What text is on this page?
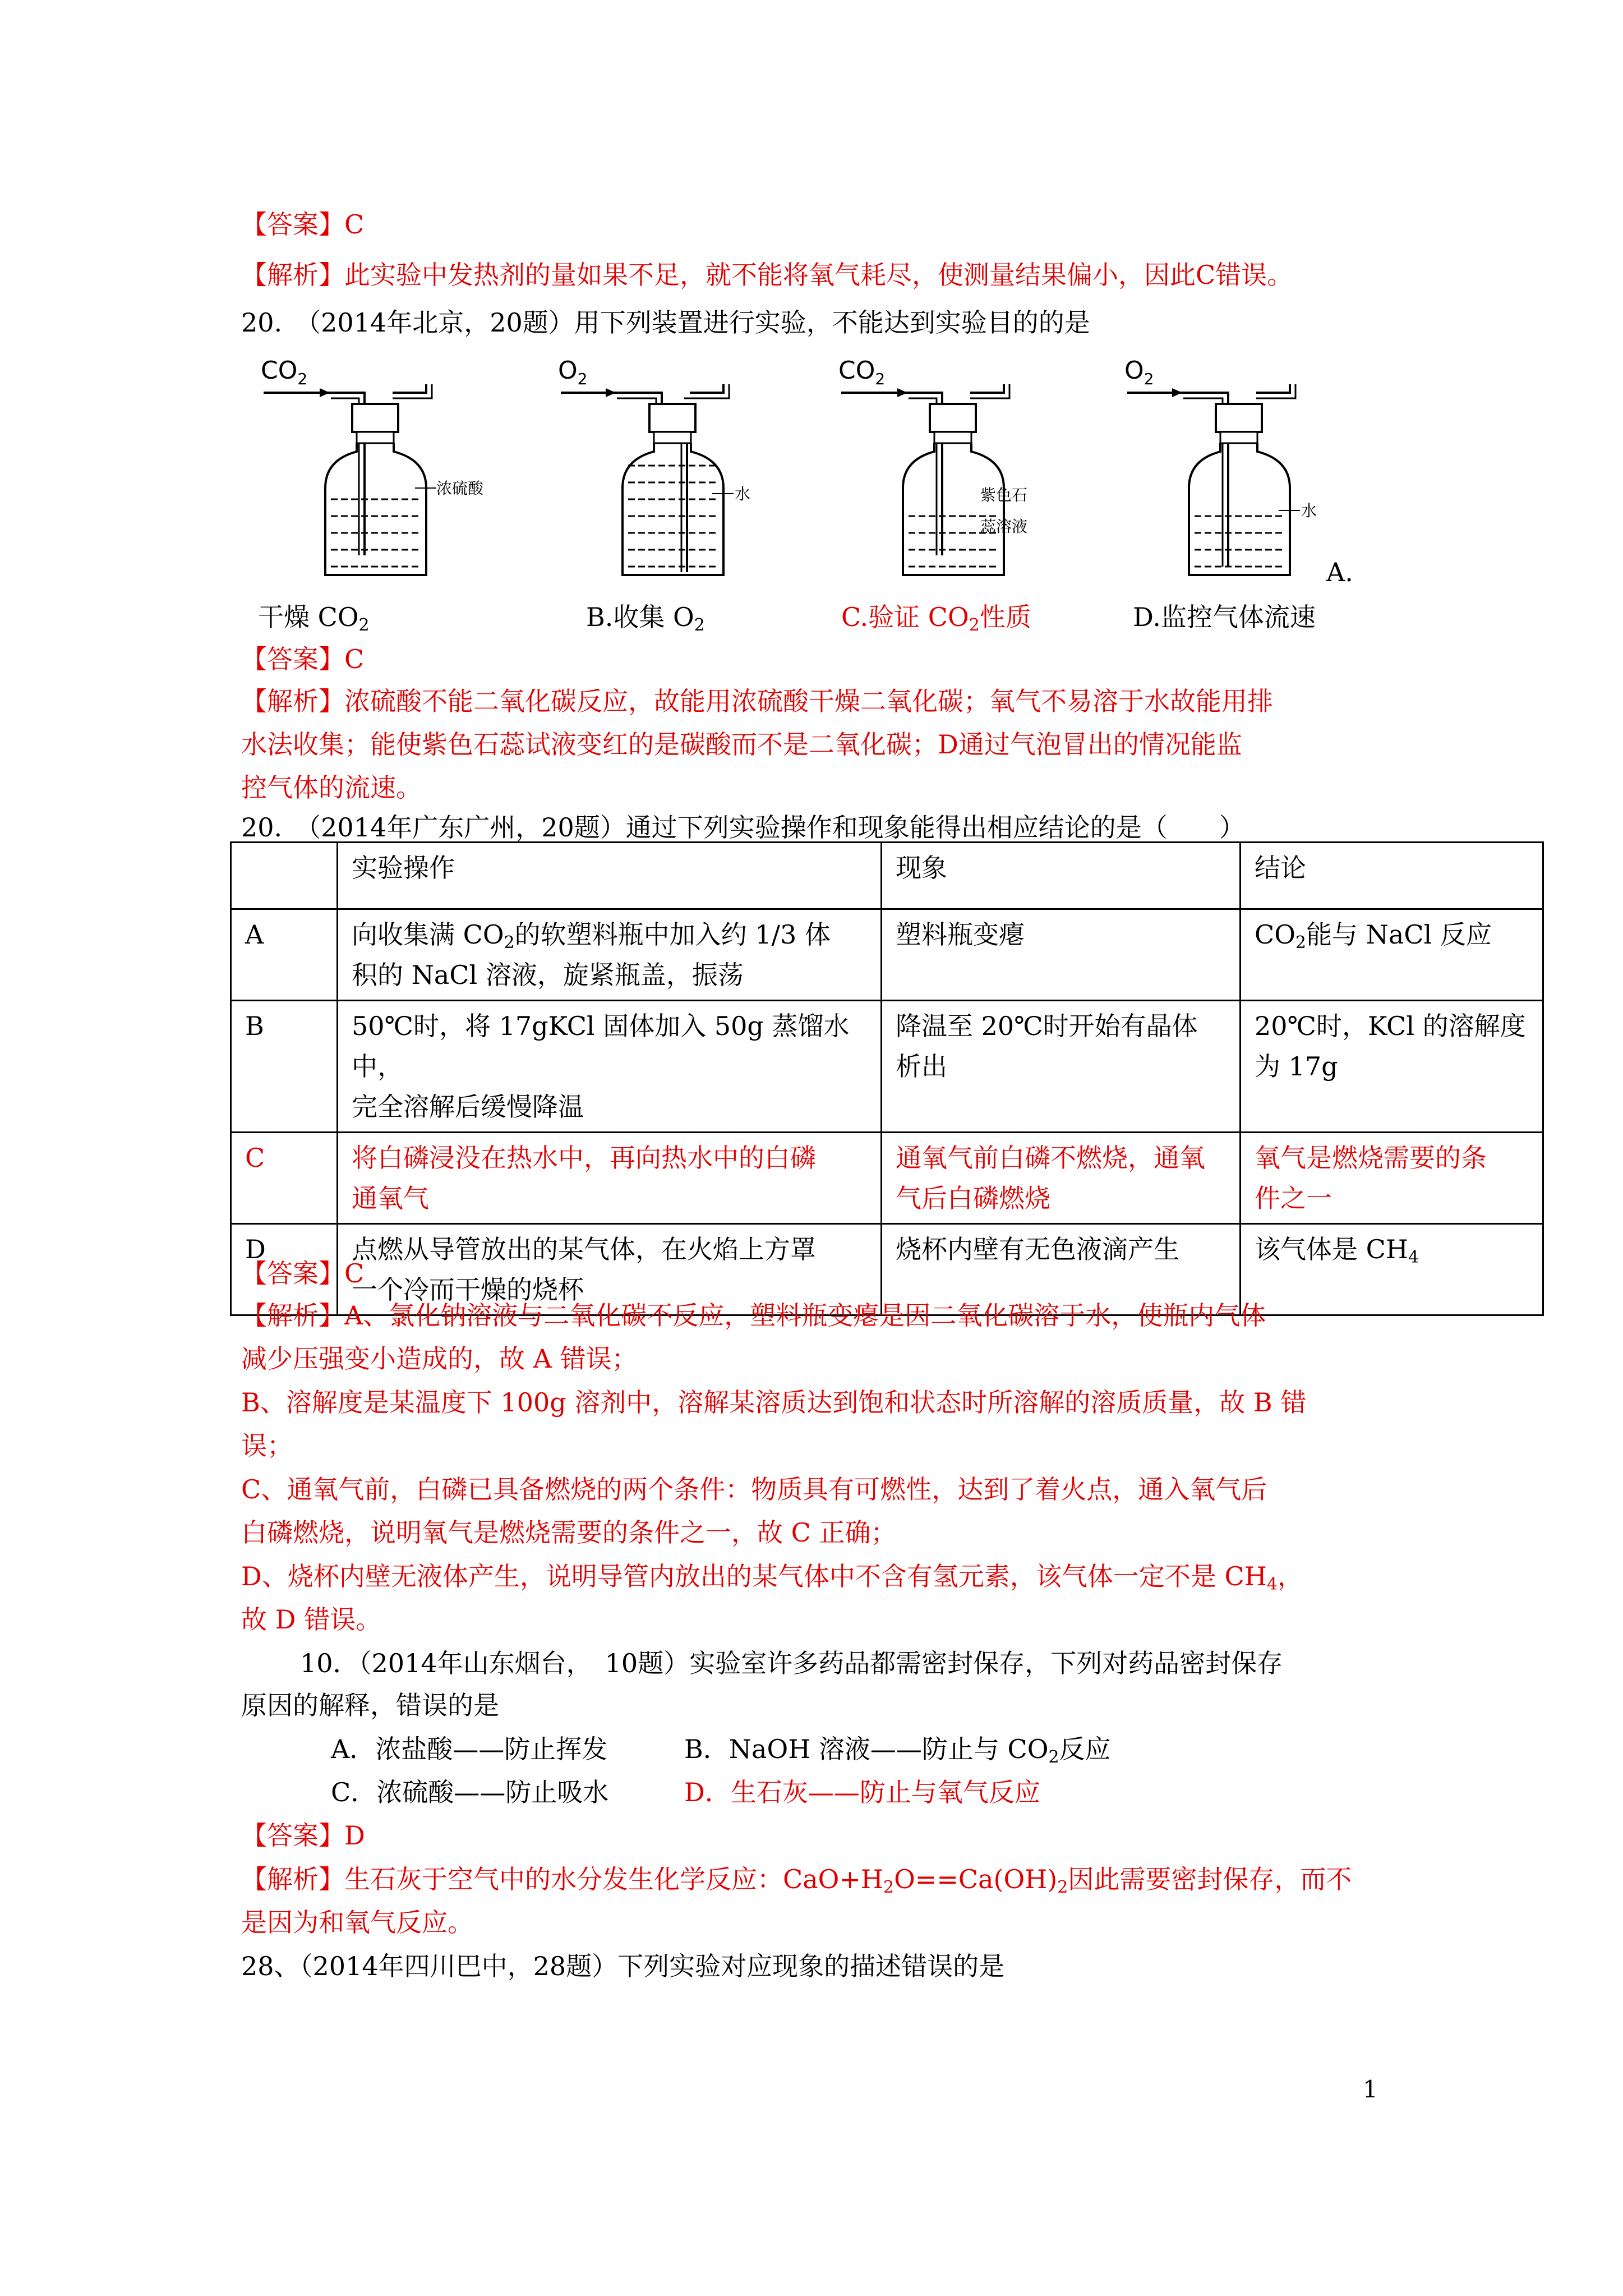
【答案】C
【解析】此实验中发热剂的量如果不足，就不能将氧气耗尽，使测量结果偏小，因此C错误。
20.　（2014年北京，20题）用下列装置进行实验，不能达到实验目的的是
$CO_2$
浓硫酸
$O_2$
水
$CO_2$
紫色石
蕊溶液
$O_2$
水
A.
干燥 $CO_2$	B.收集 $O_2$	C.验证 $CO_2$性质	D.监控气体流速
【答案】C
【解析】浓硫酸不能二氧化碳反应，故能用浓硫酸干燥二氧化碳；氧气不易溶于水故能用排
水法收集；能使紫色石蕊试液变红的是碳酸而不是二氧化碳；D通过气泡冒出的情况能监
控气体的流速。
20.　（2014年广东广州，20题）通过下列实验操作和现象能得出相应结论的是（　　）
	实验操作	现象	结论
A	向收集满 $CO_2$的软塑料瓶中加入约 1/3 体
积的 NaCl 溶液，旋紧瓶盖，振荡	塑料瓶变瘪	$CO_2$能与 NaCl 反应
B	50℃时，将 17gKCl 固体加入 50g 蒸馏水中，
完全溶解后缓慢降温	降温至 20℃时开始有晶体
析出	20℃时，KCl 的溶解度
为 17g
C	将白磷浸没在热水中，再向热水中的白磷
通氧气	通氧气前白磷不燃烧，通氧
气后白磷燃烧	氧气是燃烧需要的条
件之一
D	点燃从导管放出的某气体，在火焰上方罩
一个冷而干燥的烧杯	烧杯内壁有无色液滴产生	该气体是 $CH_4$
【答案】C
【解析】A、氯化钠溶液与二氧化碳不反应，塑料瓶变瘪是因二氧化碳溶于水，使瓶内气体
减少压强变小造成的，故 A 错误；
B、溶解度是某温度下 100g 溶剂中，溶解某溶质达到饱和状态时所溶解的溶质质量，故 B 错
误；
C、通氧气前，白磷已具备燃烧的两个条件：物质具有可燃性，达到了着火点，通入氧气后
白磷燃烧，说明氧气是燃烧需要的条件之一，故 C 正确；
D、烧杯内壁无液体产生，说明导管内放出的某气体中不含有氢元素，该气体一定不是 $CH_4$，
故 D 错误。
10．（2014年山东烟台，　10题）实验室许多药品都需密封保存，下列对药品密封保存
原因的解释，错误的是
A．浓盐酸——防止挥发	B．NaOH 溶液——防止与 $CO_2$反应
C．浓硫酸——防止吸水	D．生石灰——防止与氧气反应
【答案】D
【解析】生石灰于空气中的水分发生化学反应：$CaO+H_2O==Ca(OH)_2$因此需要密封保存，而不
是因为和氧气反应。
28、（2014年四川巴中，28题）下列实验对应现象的描述错误的是
1
